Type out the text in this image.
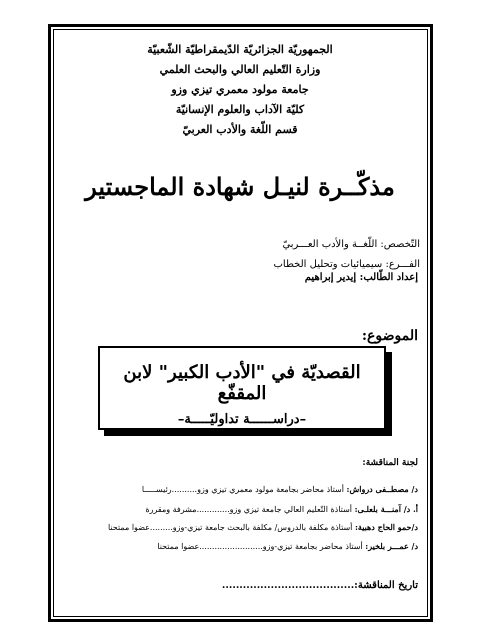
الجمهوريّة الجزائريّة الدّيمقراطيّة الشّعبيّة
وزارة التّعليم العالي والبحث العلمي
جامعة مولود معمري تيزي وزو
كليّة الآداب والعلوم الإنسانيّة
قسم اللّغة والأدب العربيّ
مذكّــرة لنيـل شهادة الماجستير
التّخصص: اللّغــة والأدب العـــربيّ
الفـــرع: سيميائيات وتحليل الخطاب
إعداد الطّالب: إيدير إبراهيم
الموضوع:
القصديّة في "الأدب الكبير" لابن المقفّع
–دراســــــة تداوليّـــــة–
لجنة المناقشة:
د/ مصطــفى درواش: أستاذ محاضر بجامعة مولود معمري تيزي وزو..........رئيســـــا
أ. د/ آمنـــة بلعلـى: أستاذة التّعليم العالي جامعة تيزي وزو.............مشرفة ومقررة
د/حمو الحاج دهبية: أستاذة مكلفة بالدروس/ مكلفة بالبحث جامعة تيزي-وزو.........عضوا ممتحنا
د/ عمـــر بلخير: أستاذ محاضر بجامعة تيزي-وزو.........................عضوا ممتحنا
تاريخ المناقشة:......................................
